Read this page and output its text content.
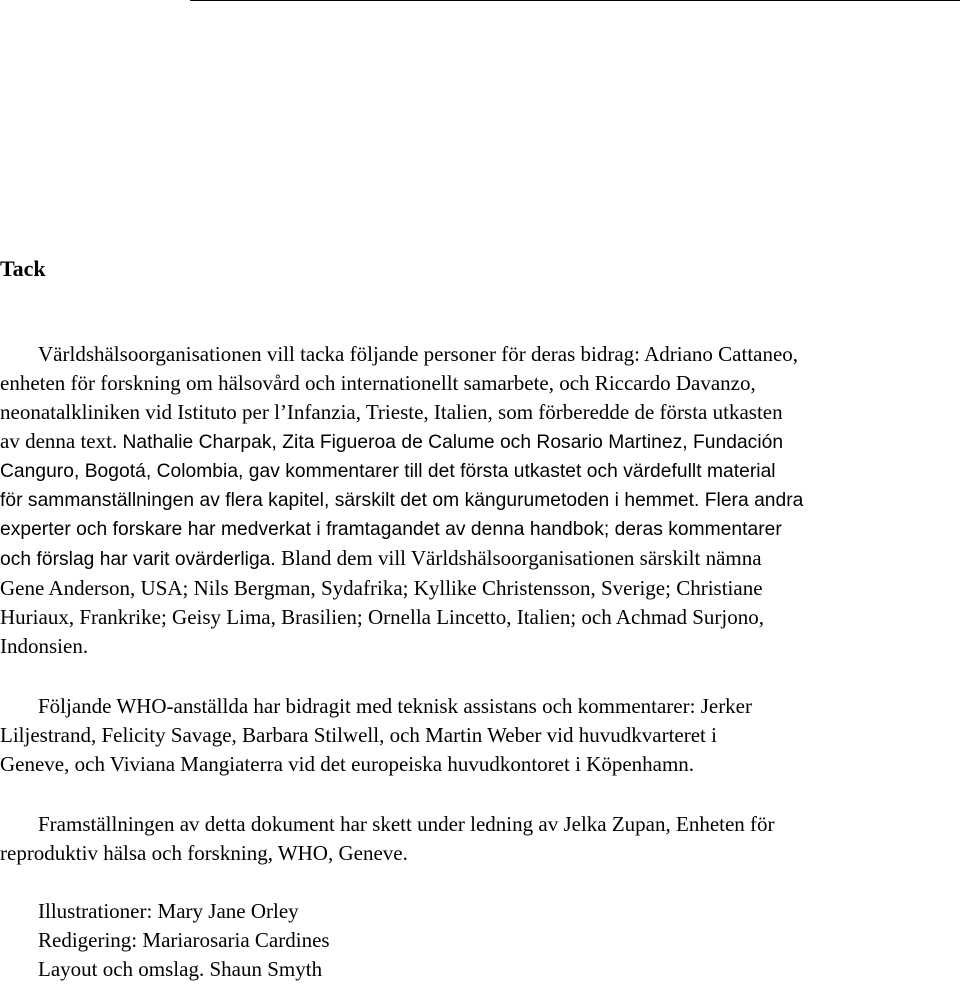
Tack
Världshälsoorganisationen vill tacka följande personer för deras bidrag: Adriano Cattaneo,
enheten för forskning om hälsovård och internationellt samarbete, och Riccardo Davanzo,
neonatalkliniken vid Istituto per l’Infanzia, Trieste, Italien, som förberedde de första utkasten
av denna text. Nathalie Charpak, Zita Figueroa de Calume och Rosario Martinez, Fundación
Canguro, Bogotá, Colombia, gav kommentarer till det första utkastet och värdefullt material
för sammanställningen av flera kapitel, särskilt det om kängurumetoden i hemmet. Flera andra
experter och forskare har medverkat i framtagandet av denna handbok; deras kommentarer
och förslag har varit ovärderliga. Bland dem vill Världshälsoorganisationen särskilt nämna
Gene Anderson, USA; Nils Bergman, Sydafrika; Kyllike Christensson, Sverige; Christiane
Huriaux, Frankrike; Geisy Lima, Brasilien; Ornella Lincetto, Italien; och Achmad Surjono,
Indonsien.
Följande WHO-anställda har bidragit med teknisk assistans och kommentarer: Jerker
Liljestrand, Felicity Savage, Barbara Stilwell, och Martin Weber vid huvudkvarteret i
Geneve, och Viviana Mangiaterra vid det europeiska huvudkontoret i Köpenhamn.
Framställningen av detta dokument har skett under ledning av Jelka Zupan, Enheten för
reproduktiv hälsa och forskning, WHO, Geneve.
Illustrationer: Mary Jane Orley
Redigering: Mariarosaria Cardines
Layout och omslag. Shaun Smyth
